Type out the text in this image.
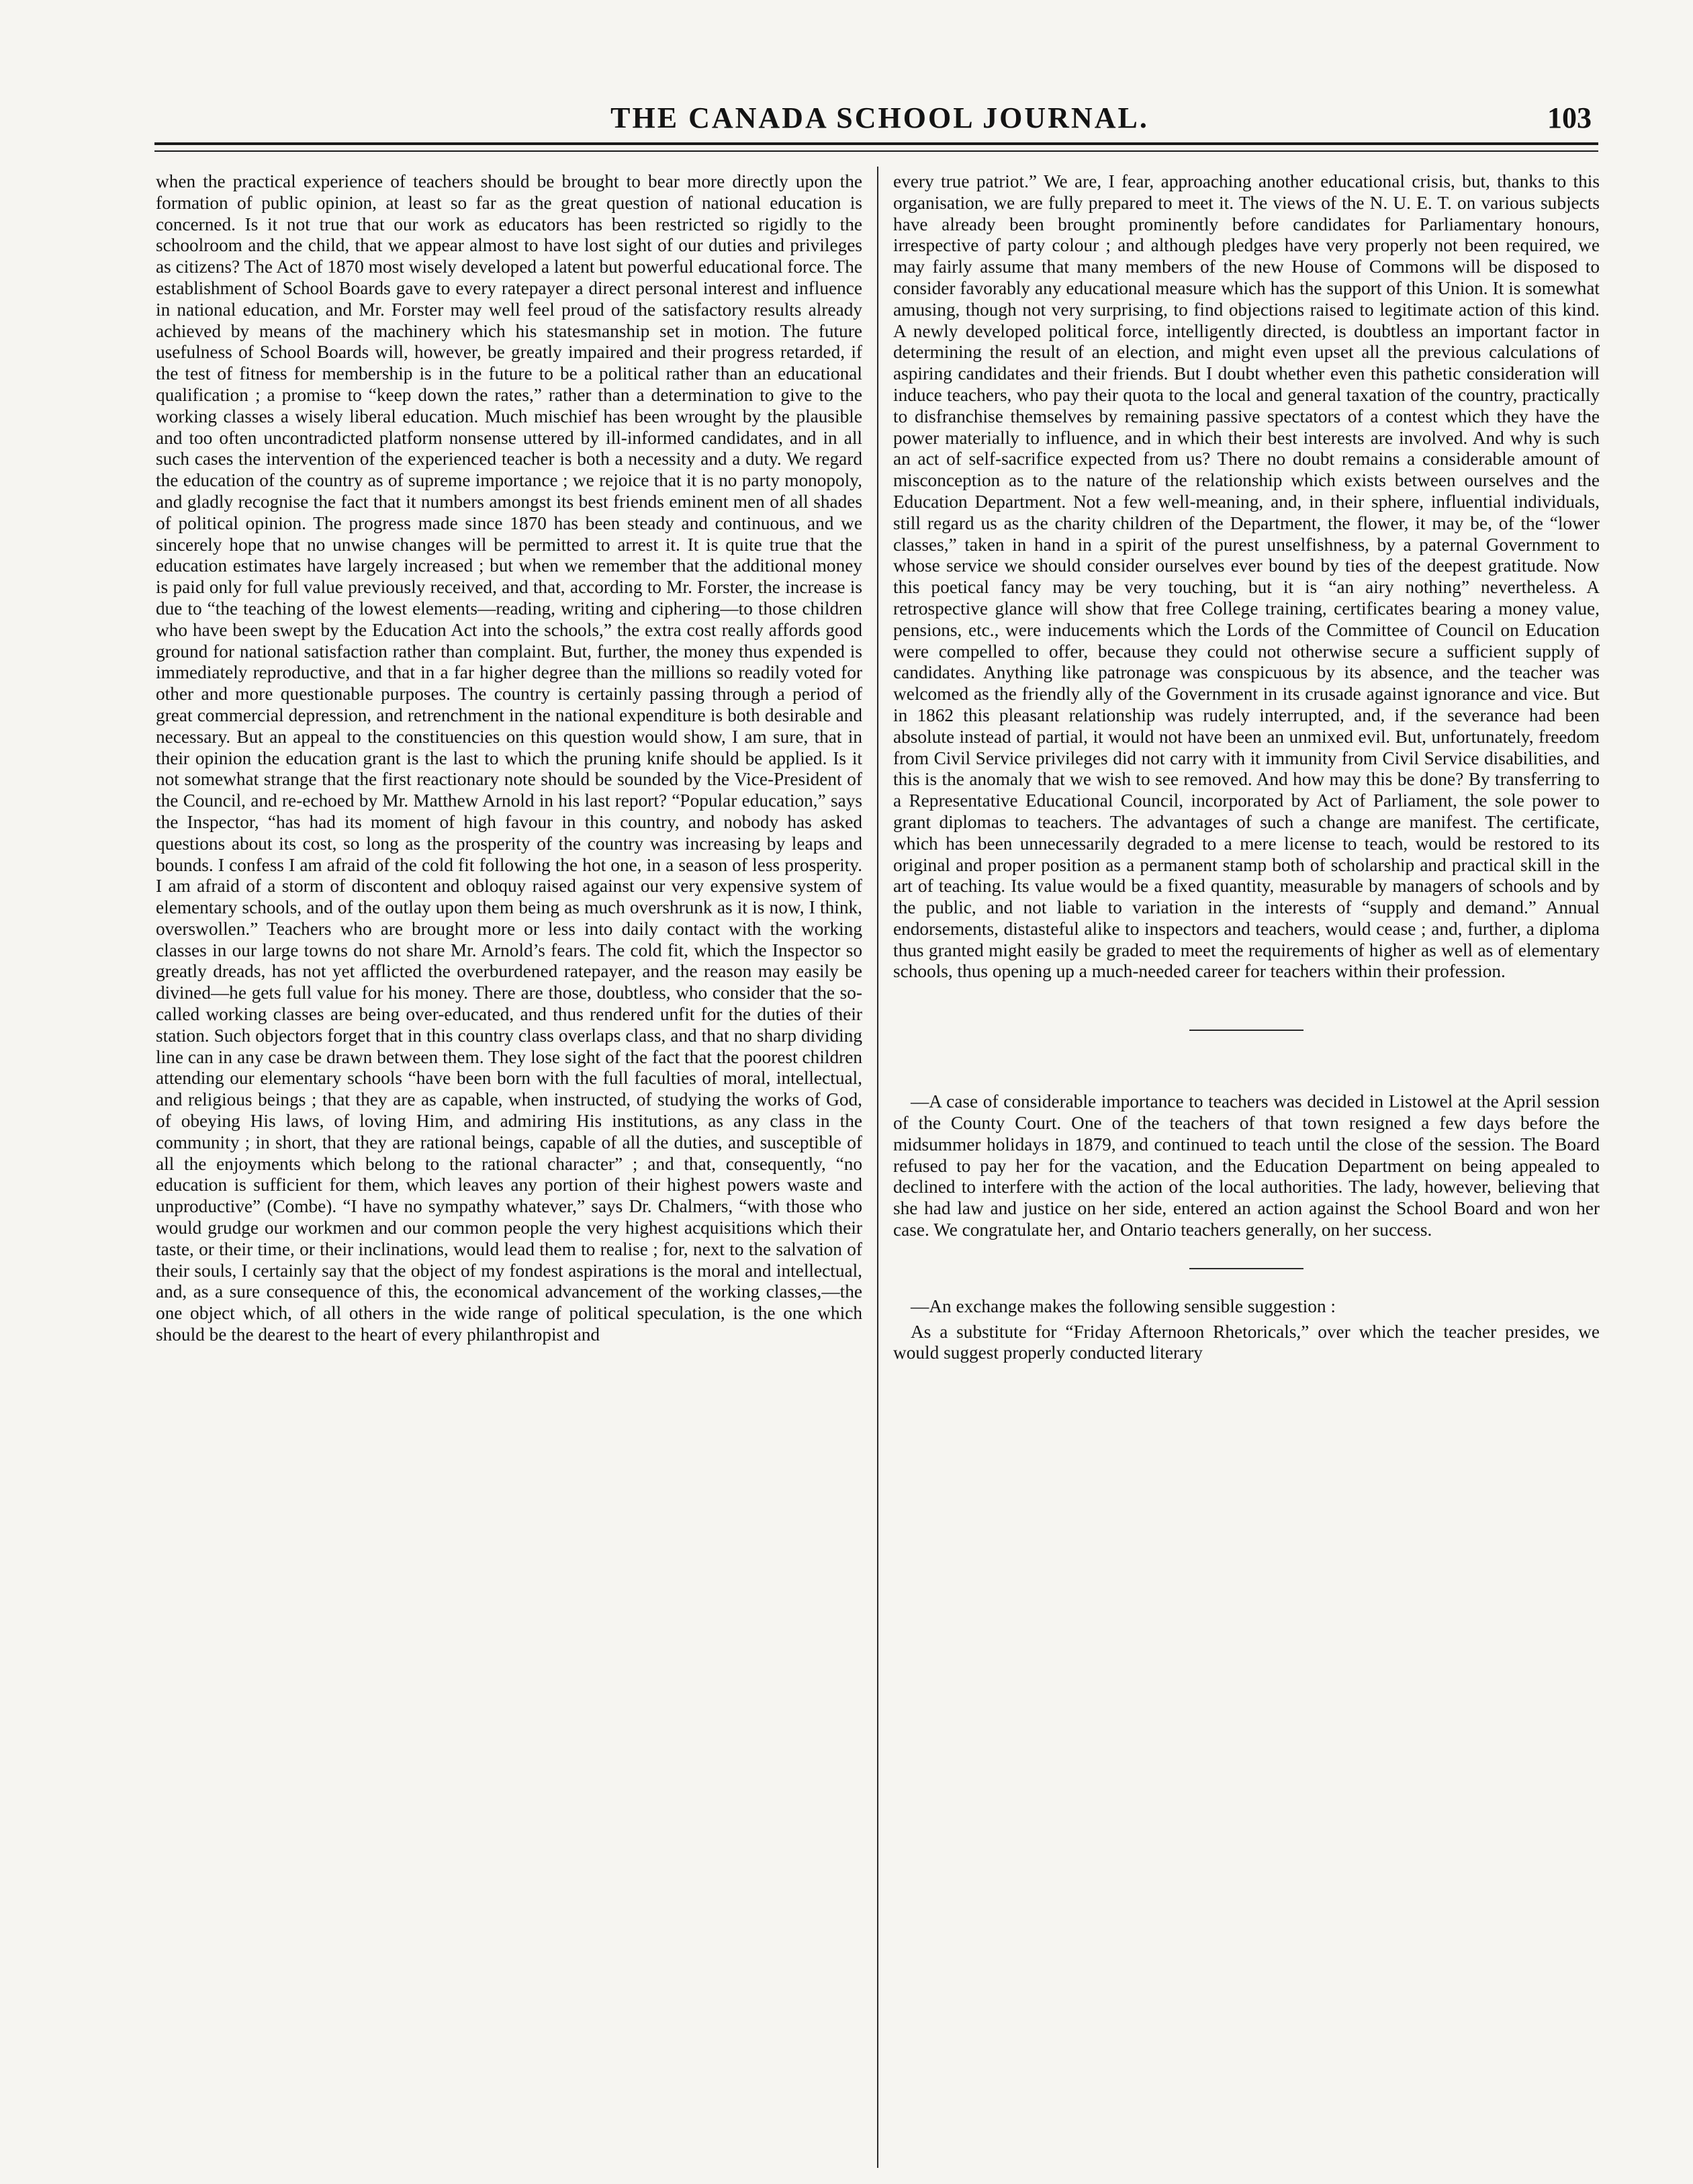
THE CANADA SCHOOL JOURNAL.	103

when the practical experience of teachers should be brought to bear more directly upon the formation of public opinion, at least so far as the great question of national education is concerned. Is it not true that our work as educators has been restricted so rigidly to the schoolroom and the child, that we appear almost to have lost sight of our duties and privileges as citizens? The Act of 1870 most wisely developed a latent but powerful educational force. The establishment of School Boards gave to every ratepayer a direct personal interest and influence in national education, and Mr. Forster may well feel proud of the satisfactory results already achieved by means of the machinery which his statesmanship set in motion. The future usefulness of School Boards will, however, be greatly impaired and their progress retarded, if the test of fitness for membership is in the future to be a political rather than an educational qualification ; a promise to “keep down the rates,” rather than a determination to give to the working classes a wisely liberal education. Much mischief has been wrought by the plausible and too often uncontradicted platform nonsense uttered by ill-informed candidates, and in all such cases the intervention of the experienced teacher is both a necessity and a duty. We regard the education of the country as of supreme importance ; we rejoice that it is no party monopoly, and gladly recognise the fact that it numbers amongst its best friends eminent men of all shades of political opinion. The progress made since 1870 has been steady and continuous, and we sincerely hope that no unwise changes will be permitted to arrest it. It is quite true that the education estimates have largely increased ; but when we remember that the additional money is paid only for full value previously received, and that, according to Mr. Forster, the increase is due to “the teaching of the lowest elements—reading, writing and ciphering—to those children who have been swept by the Education Act into the schools,” the extra cost really affords good ground for national satisfaction rather than complaint. But, further, the money thus expended is immediately reproductive, and that in a far higher degree than the millions so readily voted for other and more questionable purposes. The country is certainly passing through a period of great commercial depression, and retrenchment in the national expenditure is both desirable and necessary. But an appeal to the constituencies on this question would show, I am sure, that in their opinion the education grant is the last to which the pruning knife should be applied. Is it not somewhat strange that the first reactionary note should be sounded by the Vice-President of the Council, and re-echoed by Mr. Matthew Arnold in his last report? “Popular education,” says the Inspector, “has had its moment of high favour in this country, and nobody has asked questions about its cost, so long as the prosperity of the country was increasing by leaps and bounds. I confess I am afraid of the cold fit following the hot one, in a season of less prosperity. I am afraid of a storm of discontent and obloquy raised against our very expensive system of elementary schools, and of the outlay upon them being as much overshrunk as it is now, I think, overswollen.” Teachers who are brought more or less into daily contact with the working classes in our large towns do not share Mr. Arnold’s fears. The cold fit, which the Inspector so greatly dreads, has not yet afflicted the overburdened ratepayer, and the reason may easily be divined—he gets full value for his money. There are those, doubtless, who consider that the so-called working classes are being over-educated, and thus rendered unfit for the duties of their station. Such objectors forget that in this country class overlaps class, and that no sharp dividing line can in any case be drawn between them. They lose sight of the fact that the poorest children attending our elementary schools “have been born with the full faculties of moral, intellectual, and religious beings ; that they are as capable, when instructed, of studying the works of God, of obeying His laws, of loving Him, and admiring His institutions, as any class in the community ; in short, that they are rational beings, capable of all the duties, and susceptible of all the enjoyments which belong to the rational character” ; and that, consequently, “no education is sufficient for them, which leaves any portion of their highest powers waste and unproductive” (Combe). “I have no sympathy whatever,” says Dr. Chalmers, “with those who would grudge our workmen and our common people the very highest acquisitions which their taste, or their time, or their inclinations, would lead them to realise ; for, next to the salvation of their souls, I certainly say that the object of my fondest aspirations is the moral and intellectual, and, as a sure consequence of this, the economical advancement of the working classes,—the one object which, of all others in the wide range of political speculation, is the one which should be the dearest to the heart of every philanthropist and

every true patriot.” We are, I fear, approaching another educational crisis, but, thanks to this organisation, we are fully prepared to meet it. The views of the N. U. E. T. on various subjects have already been brought prominently before candidates for Parliamentary honours, irrespective of party colour ; and although pledges have very properly not been required, we may fairly assume that many members of the new House of Commons will be disposed to consider favorably any educational measure which has the support of this Union. It is somewhat amusing, though not very surprising, to find objections raised to legitimate action of this kind. A newly developed political force, intelligently directed, is doubtless an important factor in determining the result of an election, and might even upset all the previous calculations of aspiring candidates and their friends. But I doubt whether even this pathetic consideration will induce teachers, who pay their quota to the local and general taxation of the country, practically to disfranchise themselves by remaining passive spectators of a contest which they have the power materially to influence, and in which their best interests are involved. And why is such an act of self-sacrifice expected from us? There no doubt remains a considerable amount of misconception as to the nature of the relationship which exists between ourselves and the Education Department. Not a few well-meaning, and, in their sphere, influential individuals, still regard us as the charity children of the Department, the flower, it may be, of the “lower classes,” taken in hand in a spirit of the purest unselfishness, by a paternal Government to whose service we should consider ourselves ever bound by ties of the deepest gratitude. Now this poetical fancy may be very touching, but it is “an airy nothing” nevertheless. A retrospective glance will show that free College training, certificates bearing a money value, pensions, etc., were inducements which the Lords of the Committee of Council on Education were compelled to offer, because they could not otherwise secure a sufficient supply of candidates. Anything like patronage was conspicuous by its absence, and the teacher was welcomed as the friendly ally of the Government in its crusade against ignorance and vice. But in 1862 this pleasant relationship was rudely interrupted, and, if the severance had been absolute instead of partial, it would not have been an unmixed evil. But, unfortunately, freedom from Civil Service privileges did not carry with it immunity from Civil Service disabilities, and this is the anomaly that we wish to see removed. And how may this be done? By transferring to a Representative Educational Council, incorporated by Act of Parliament, the sole power to grant diplomas to teachers. The advantages of such a change are manifest. The certificate, which has been unnecessarily degraded to a mere license to teach, would be restored to its original and proper position as a permanent stamp both of scholarship and practical skill in the art of teaching. Its value would be a fixed quantity, measurable by managers of schools and by the public, and not liable to variation in the interests of “supply and demand.” Annual endorsements, distasteful alike to inspectors and teachers, would cease ; and, further, a diploma thus granted might easily be graded to meet the requirements of higher as well as of elementary schools, thus opening up a much-needed career for teachers within their profession.

—A case of considerable importance to teachers was decided in Listowel at the April session of the County Court. One of the teachers of that town resigned a few days before the midsummer holidays in 1879, and continued to teach until the close of the session. The Board refused to pay her for the vacation, and the Education Department on being appealed to declined to interfere with the action of the local authorities. The lady, however, believing that she had law and justice on her side, entered an action against the School Board and won her case. We congratulate her, and Ontario teachers generally, on her success.

—An exchange makes the following sensible suggestion :

As a substitute for “Friday Afternoon Rhetoricals,” over which the teacher presides, we would suggest properly conducted literary
